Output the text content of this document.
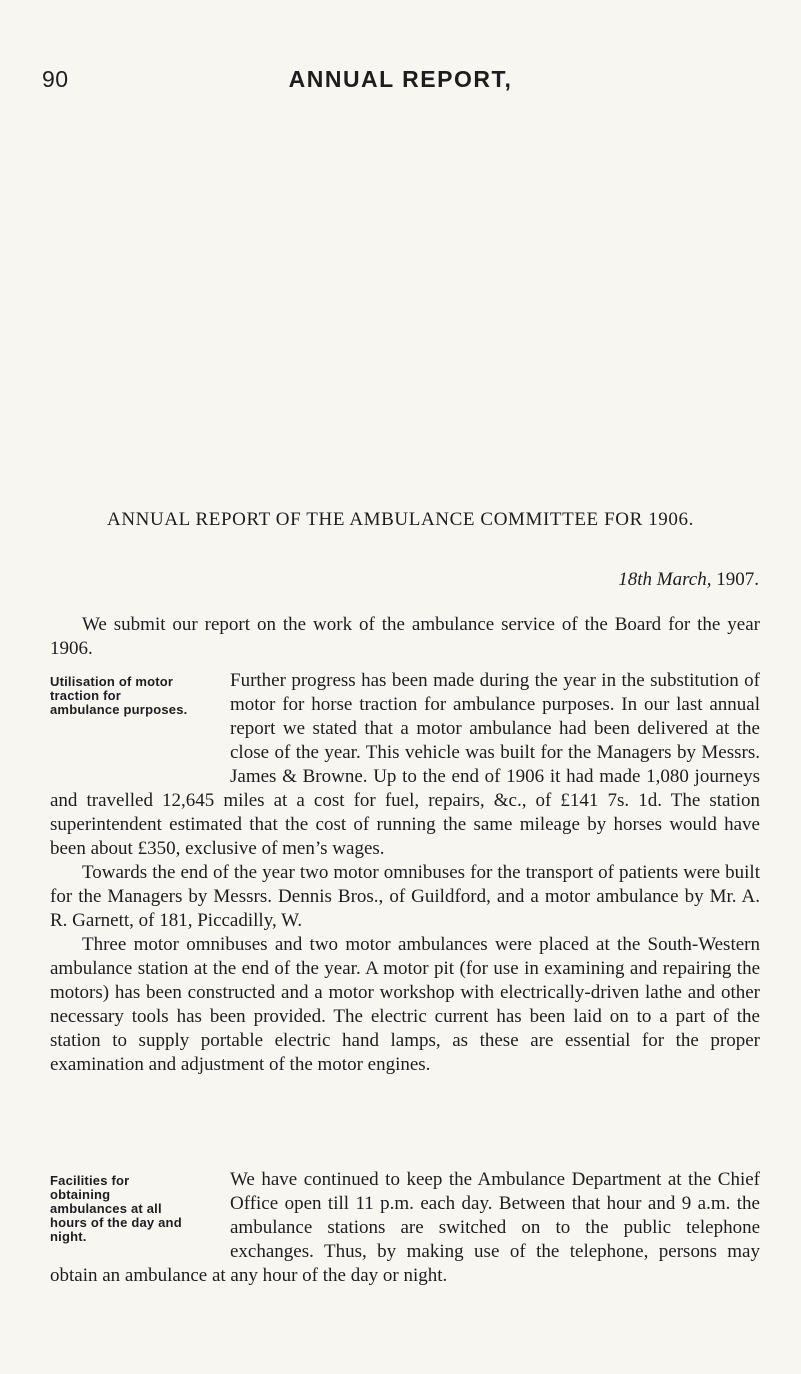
90	ANNUAL REPORT,
ANNUAL REPORT OF THE AMBULANCE COMMITTEE FOR 1906.
18th March, 1907.

We submit our report on the work of the ambulance service of the Board for the year 1906.

Utilisation of motor traction for ambulance purposes.
Further progress has been made during the year in the substitution of motor for horse traction for ambulance purposes. In our last annual report we stated that a motor ambulance had been delivered at the close of the year. This vehicle was built for the Managers by Messrs. James & Browne. Up to the end of 1906 it had made 1,080 journeys and travelled 12,645 miles at a cost for fuel, repairs, &c., of £141 7s. 1d. The station superintendent estimated that the cost of running the same mileage by horses would have been about £350, exclusive of men’s wages.

Towards the end of the year two motor omnibuses for the transport of patients were built for the Managers by Messrs. Dennis Bros., of Guildford, and a motor ambulance by Mr. A. R. Garnett, of 181, Piccadilly, W.

Three motor omnibuses and two motor ambulances were placed at the South-Western ambulance station at the end of the year. A motor pit (for use in examining and repairing the motors) has been constructed and a motor workshop with electrically-driven lathe and other necessary tools has been provided. The electric current has been laid on to a part of the station to supply portable electric hand lamps, as these are essential for the proper examination and adjustment of the motor engines.

Facilities for obtaining ambulances at all hours of the day and night.
We have continued to keep the Ambulance Department at the Chief Office open till 11 p.m. each day. Between that hour and 9 a.m. the ambulance stations are switched on to the public telephone exchanges. Thus, by making use of the telephone, persons may obtain an ambulance at any hour of the day or night.
